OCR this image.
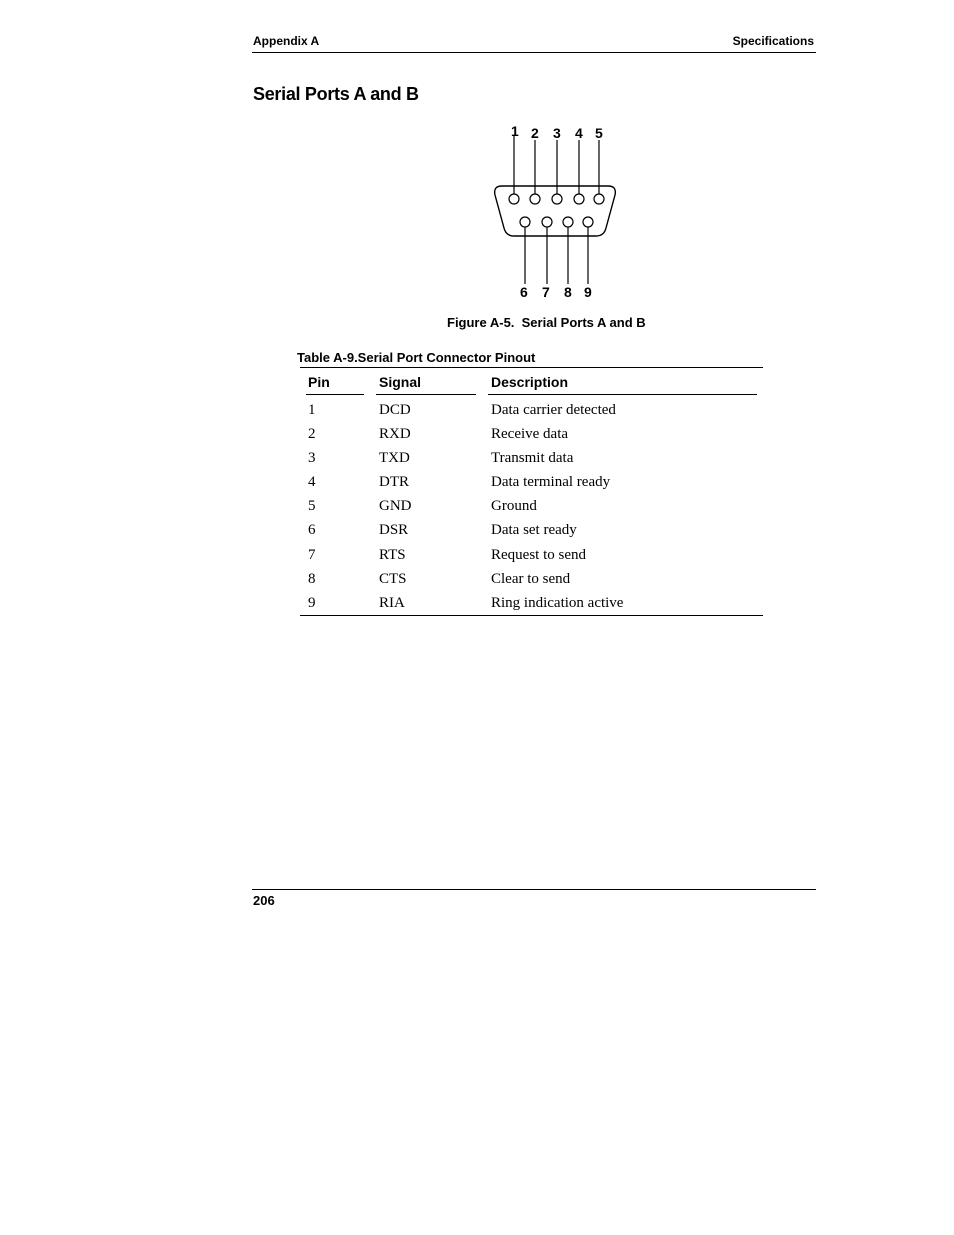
Appendix A	Specifications
Serial Ports A and B
1 2 3 4 5
6 7 8 9
Figure A-5.  Serial Ports A and B
Table A-9.Serial Port Connector Pinout
Pin	Signal	Description
1	DCD	Data carrier detected
2	RXD	Receive data
3	TXD	Transmit data
4	DTR	Data terminal ready
5	GND	Ground
6	DSR	Data set ready
7	RTS	Request to send
8	CTS	Clear to send
9	RIA	Ring indication active
206
